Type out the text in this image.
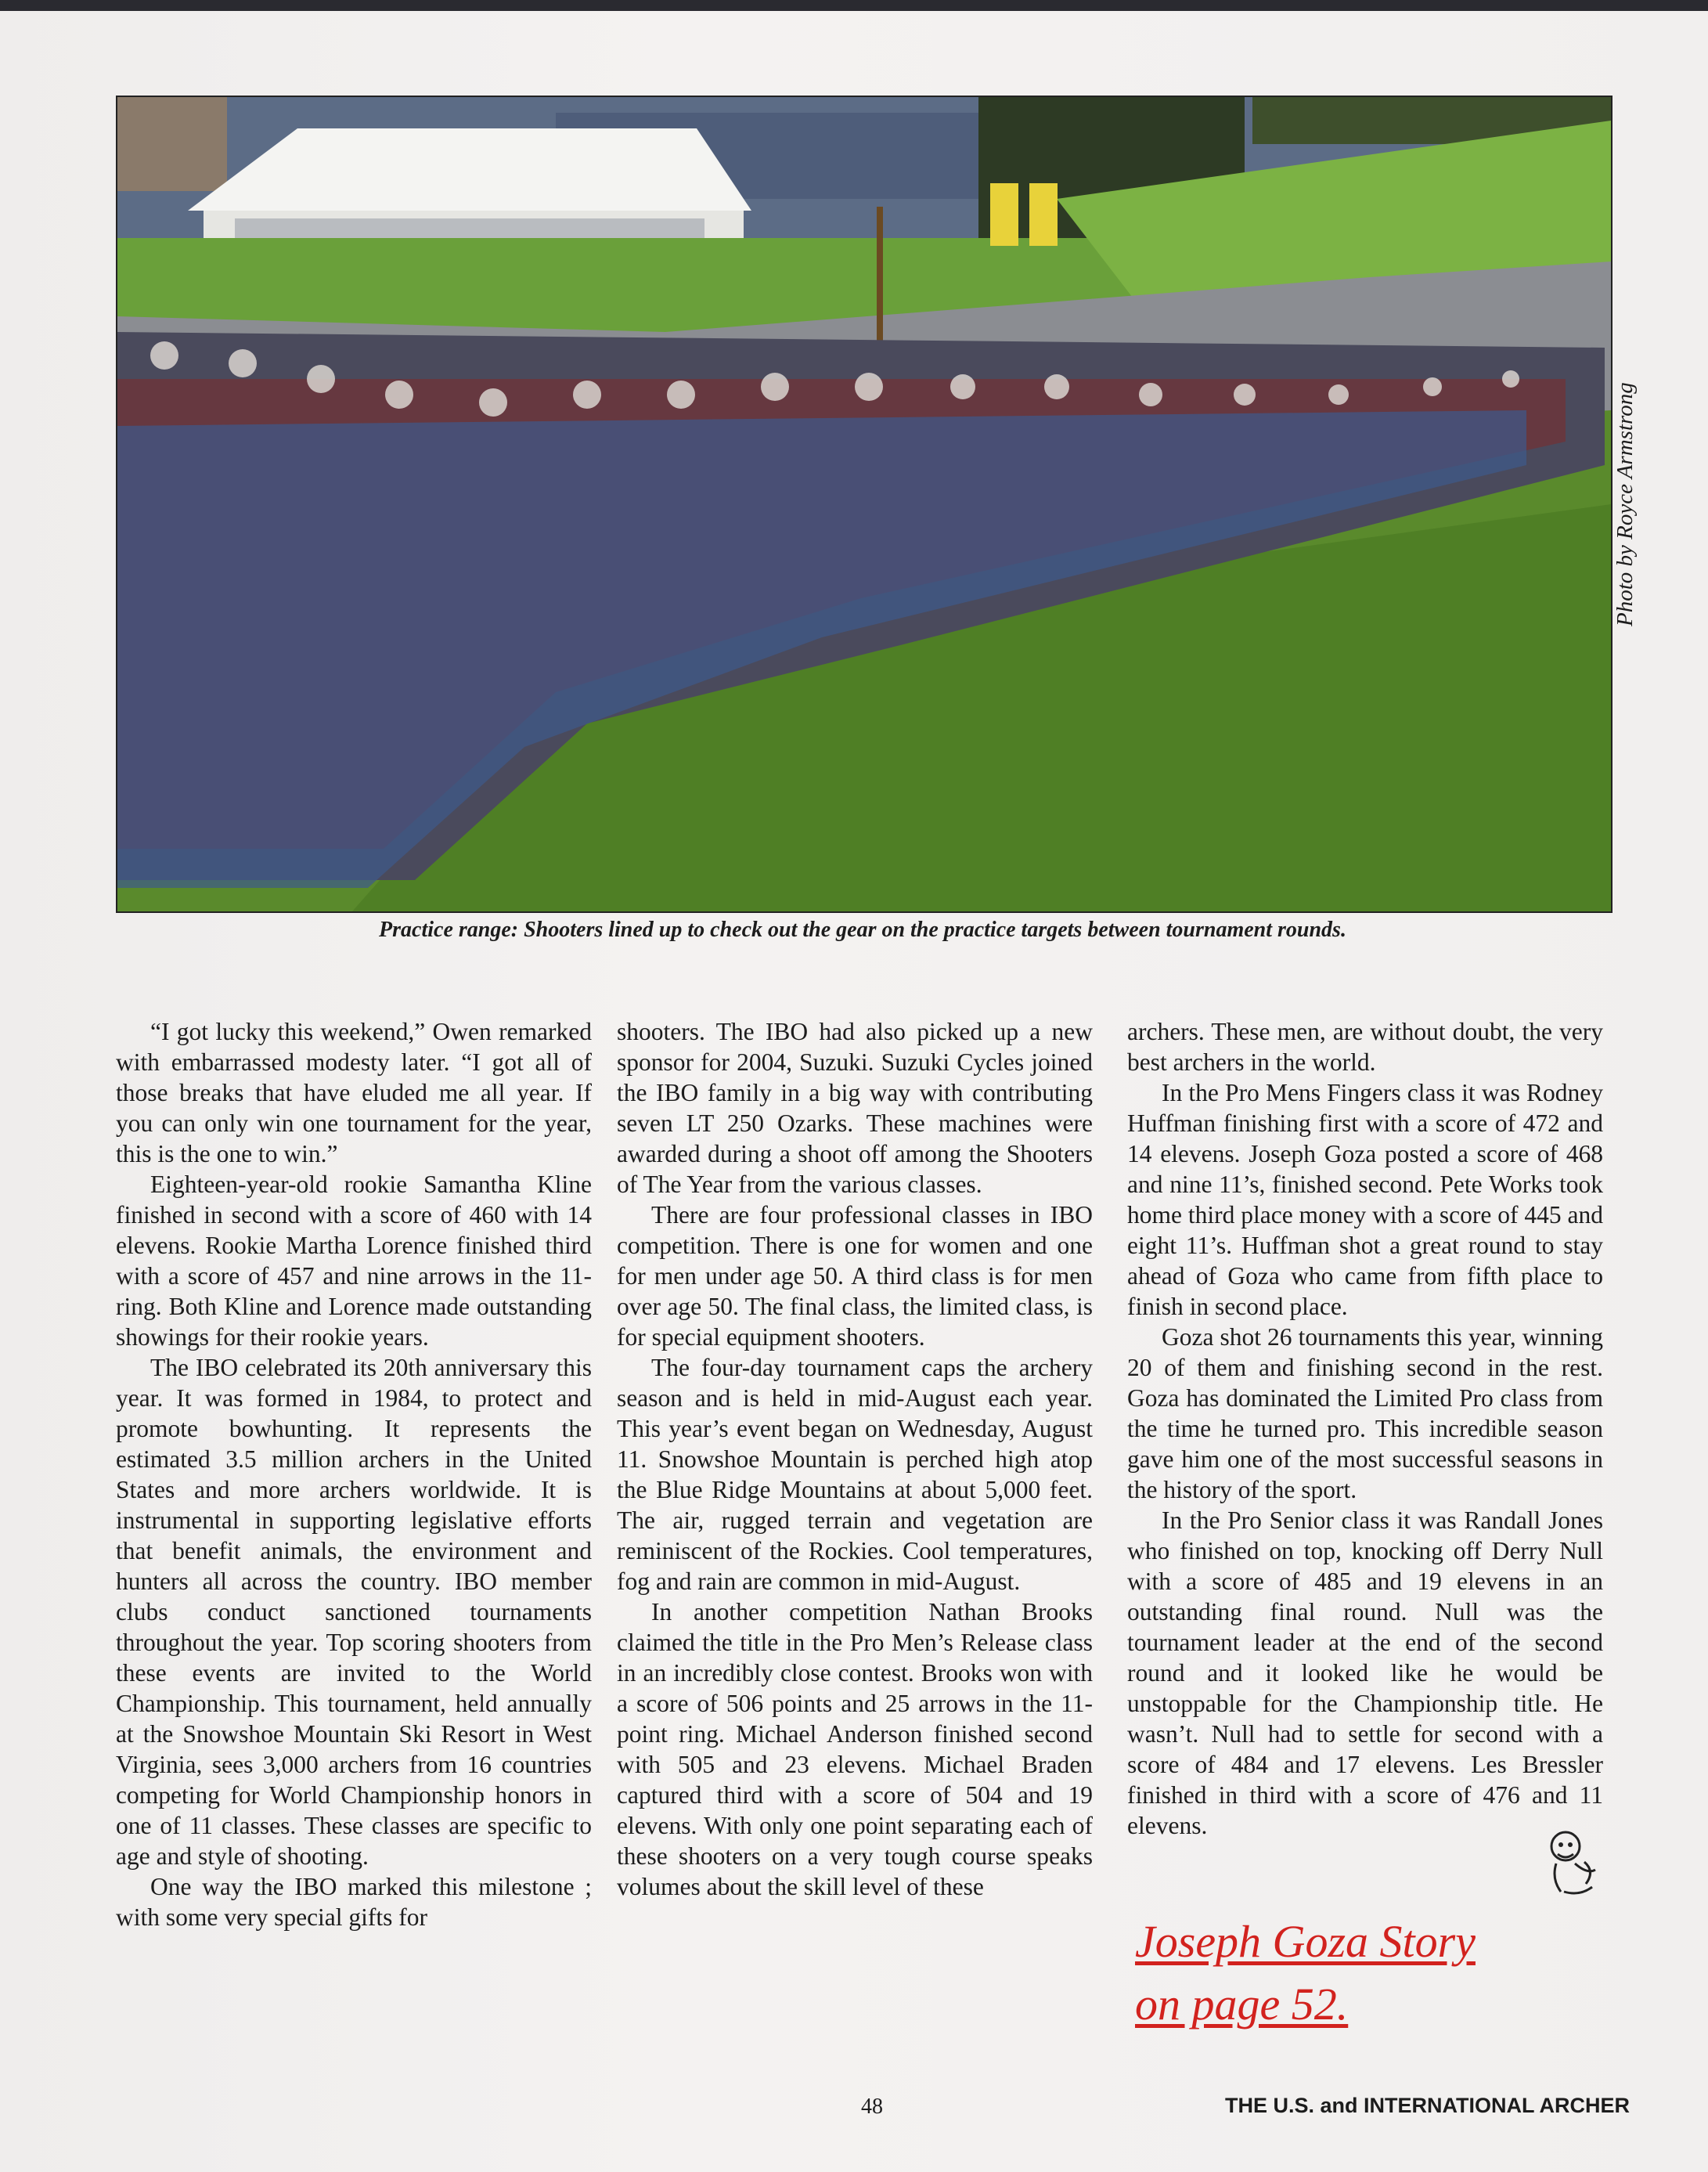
Photo by Royce Armstrong
Practice range: Shooters lined up to check out the gear on the practice targets between tournament rounds.

“I got lucky this weekend,” Owen remarked with embarrassed modesty later. “I got all of those breaks that have eluded me all year. If you can only win one tournament for the year, this is the one to win.”

Eighteen-year-old rookie Samantha Kline finished in second with a score of 460 with 14 elevens. Rookie Martha Lorence finished third with a score of 457 and nine arrows in the 11-ring. Both Kline and Lorence made outstanding showings for their rookie years.

The IBO celebrated its 20th anniversary this year. It was formed in 1984, to protect and promote bowhunting. It represents the estimated 3.5 million archers in the United States and more archers worldwide. It is instrumental in supporting legislative efforts that benefit animals, the environment and hunters all across the country. IBO member clubs conduct sanctioned tournaments throughout the year. Top scoring shooters from these events are invited to the World Championship. This tournament, held annually at the Snowshoe Mountain Ski Resort in West Virginia, sees 3,000 archers from 16 countries competing for World Championship honors in one of 11 classes. These classes are specific to age and style of shooting.

One way the IBO marked this milestone ; with some very special gifts for

shooters. The IBO had also picked up a new sponsor for 2004, Suzuki. Suzuki Cycles joined the IBO family in a big way with contributing seven LT 250 Ozarks. These machines were awarded during a shoot off among the Shooters of The Year from the various classes.

There are four professional classes in IBO competition. There is one for women and one for men under age 50. A third class is for men over age 50. The final class, the limited class, is for special equipment shooters.

The four-day tournament caps the archery season and is held in mid-August each year. This year’s event began on Wednesday, August 11. Snowshoe Mountain is perched high atop the Blue Ridge Mountains at about 5,000 feet. The air, rugged terrain and vegetation are reminiscent of the Rockies. Cool temperatures, fog and rain are common in mid-August.

In another competition Nathan Brooks claimed the title in the Pro Men’s Release class in an incredibly close contest. Brooks won with a score of 506 points and 25 arrows in the 11-point ring. Michael Anderson finished second with 505 and 23 elevens. Michael Braden captured third with a score of 504 and 19 elevens. With only one point separating each of these shooters on a very tough course speaks volumes about the skill level of these

archers. These men, are without doubt, the very best archers in the world.

In the Pro Mens Fingers class it was Rodney Huffman finishing first with a score of 472 and 14 elevens. Joseph Goza posted a score of 468 and nine 11’s, finished second. Pete Works took home third place money with a score of 445 and eight 11’s. Huffman shot a great round to stay ahead of Goza who came from fifth place to finish in second place.

Goza shot 26 tournaments this year, winning 20 of them and finishing second in the rest. Goza has dominated the Limited Pro class from the time he turned pro. This incredible season gave him one of the most successful seasons in the history of the sport.

In the Pro Senior class it was Randall Jones who finished on top, knocking off Derry Null with a score of 485 and 19 elevens in an outstanding final round. Null was the tournament leader at the end of the second round and it looked like he would be unstoppable for the Championship title. He wasn’t. Null had to settle for second with a score of 484 and 17 elevens. Les Bressler finished in third with a score of 476 and 11 elevens.

Joseph Goza Story
on page 52.
48	THE U.S. and INTERNATIONAL ARCHER
